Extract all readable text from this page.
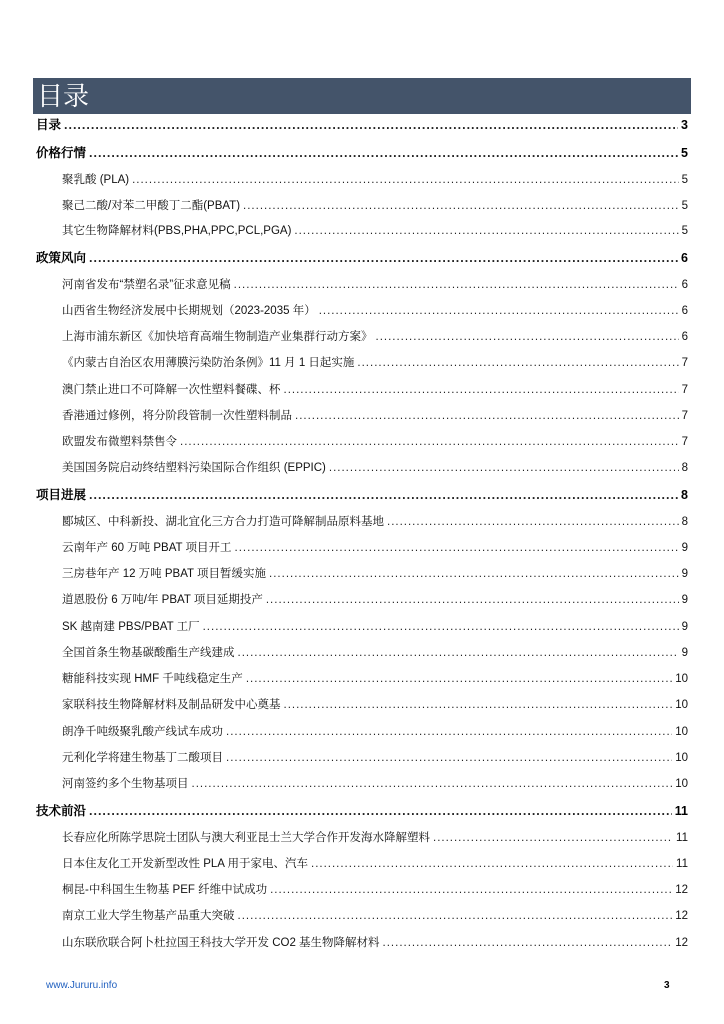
目录
目录 .....	3
价格行情 .....	5
聚乳酸 (PLA) .....	5
聚己二酸/对苯二甲酸丁二酯(PBAT) .....	5
其它生物降解材料(PBS,PHA,PPC,PCL,PGA) .....	5
政策风向 .....	6
河南省发布“禁塑名录”征求意见稿 .....	6
山西省生物经济发展中长期规划（2023-2035 年） .....	6
上海市浦东新区《加快培育高端生物制造产业集群行动方案》 .....	6
《内蒙古自治区农用薄膜污染防治条例》11 月 1 日起实施 .....	7
澳门禁止进口不可降解一次性塑料餐碟、杯 .....	7
香港通过修例，将分阶段管制一次性塑料制品 .....	7
欧盟发布微塑料禁售令 .....	7
美国国务院启动终结塑料污染国际合作组织 (EPPIC) .....	8
项目进展 .....	8
郾城区、中科新投、湖北宜化三方合力打造可降解制品原料基地 .....	8
云南年产 60 万吨 PBAT 项目开工 .....	9
三房巷年产 12 万吨 PBAT 项目暂缓实施 .....	9
道恩股份 6 万吨/年 PBAT 项目延期投产 .....	9
SK 越南建 PBS/PBAT 工厂 .....	9
全国首条生物基碳酸酯生产线建成 .....	9
糖能科技实现 HMF 千吨线稳定生产 .....	10
家联科技生物降解材料及制品研发中心奠基 .....	10
朗净千吨级聚乳酸产线试车成功 .....	10
元利化学将建生物基丁二酸项目 .....	10
河南签约多个生物基项目 .....	10
技术前沿 .....	11
长春应化所陈学思院士团队与澳大利亚昆士兰大学合作开发海水降解塑料 .....	11
日本住友化工开发新型改性 PLA 用于家电、汽车 .....	11
桐昆-中科国生生物基 PEF 纤维中试成功 .....	12
南京工业大学生物基产品重大突破 .....	12
山东联欣联合阿卜杜拉国王科技大学开发 CO2 基生物降解材料 .....	12
www.Jururu.info	3
